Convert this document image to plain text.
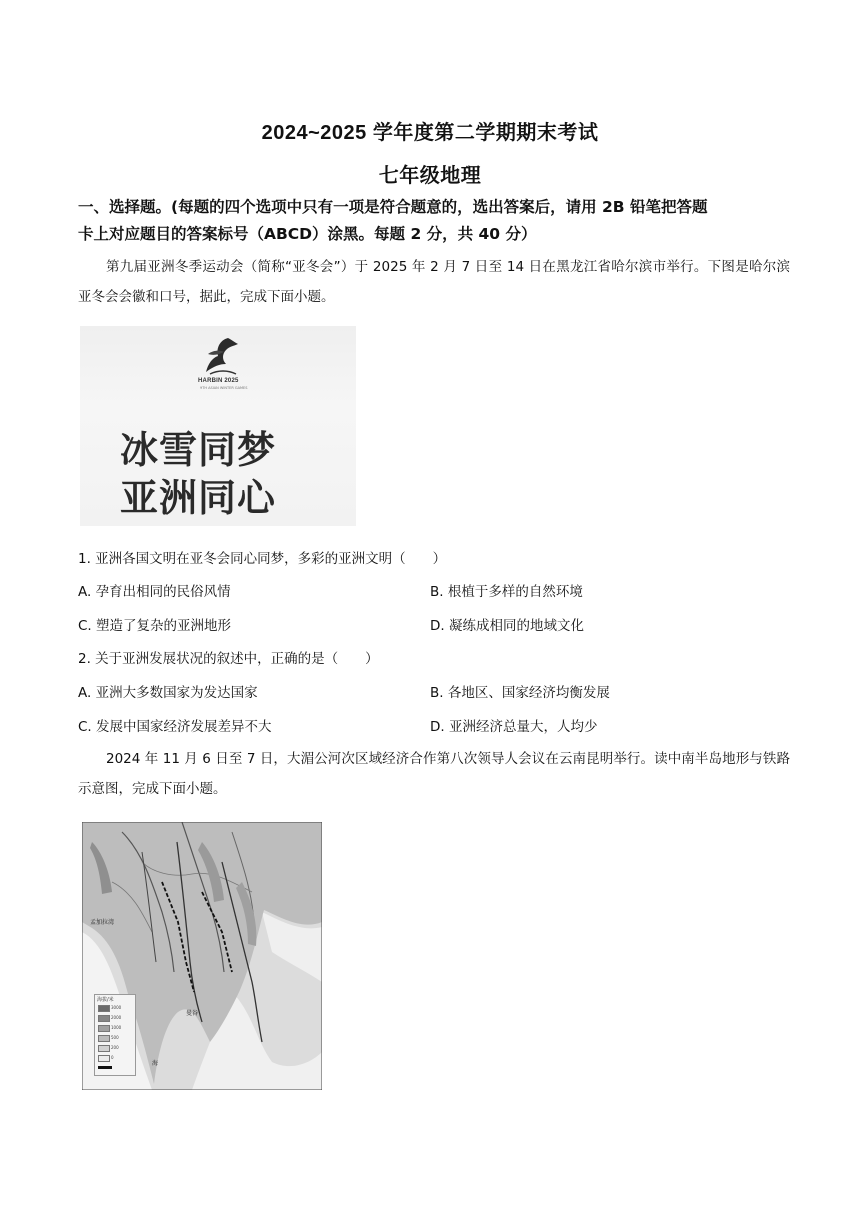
2024~2025 学年度第二学期期末考试
七年级地理
一、选择题。(每题的四个选项中只有一项是符合题意的，选出答案后，请用 2B 铅笔把答题
卡上对应题目的答案标号（ABCD）涂黑。每题 2 分，共 40 分）
第九届亚洲冬季运动会（简称“亚冬会”）于 2025 年 2 月 7 日至 14 日在黑龙江省哈尔滨市举行。下图是哈尔滨亚冬会会徽和口号，据此，完成下面小题。
HARBIN 2025
9TH ASIAN WINTER GAMES
冰雪同梦
亚洲同心
1. 亚洲各国文明在亚冬会同心同梦，多彩的亚洲文明（　　）
A. 孕育出相同的民俗风情	B. 根植于多样的自然环境
C. 塑造了复杂的亚洲地形	D. 凝练成相同的地域文化
2. 关于亚洲发展状况的叙述中，正确的是（　　）
A. 亚洲大多数国家为发达国家	B. 各地区、国家经济均衡发展
C. 发展中国家经济发展差异不大	D. 亚洲经济总量大，人均少
2024 年 11 月 6 日至 7 日，大湄公河次区域经济合作第八次领导人会议在云南昆明举行。读中南半岛地形与铁路示意图，完成下面小题。
孟加拉湾
曼谷
海
海拔/米
3000
2000
1000
500
200
0
